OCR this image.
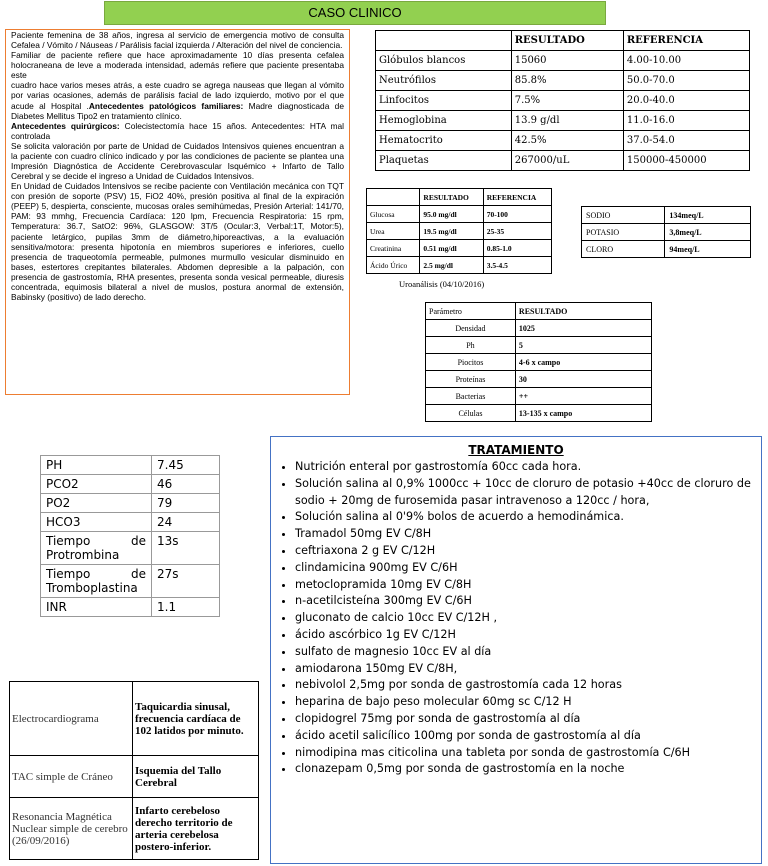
CASO CLINICO

Paciente femenina de 38 años, ingresa al servicio de emergencia motivo de consulta Cefalea / Vómito / Náuseas / Parálisis facial izquierda / Alteración del nivel de conciencia.

Familiar de paciente refiere que hace aproximadamente 10 días presenta cefalea holocraneana de leve a moderada intensidad, además refiere que paciente presentaba este

cuadro hace varios meses atrás, a este cuadro se agrega nauseas que llegan al vómito por varias ocasiones, además de parálisis facial de lado izquierdo, motivo por el que acude al Hospital .Antecedentes patológicos familiares: Madre diagnosticada de Diabetes Mellitus Tipo2 en tratamiento clínico.

Antecedentes quirúrgicos: Colecistectomía hace 15 años. Antecedentes: HTA mal controlada

Se solicita valoración por parte de Unidad de Cuidados Intensivos quienes encuentran a la paciente con cuadro clínico indicado y por las condiciones de paciente se plantea una Impresión Diagnóstica de Accidente Cerebrovascular Isquémico + Infarto de Tallo Cerebral y se decide el ingreso a Unidad de Cuidados Intensivos.

En Unidad de Cuidados Intensivos se recibe paciente con Ventilación mecánica con TQT con presión de soporte (PSV) 15, FiO2 40%, presión positiva al final de la expiración (PEEP) 5, despierta, consciente, mucosas orales semihúmedas, Presión Arterial: 141/70, PAM: 93 mmhg, Frecuencia Cardíaca: 120 lpm, Frecuencia Respiratoria: 15 rpm, Temperatura: 36.7, SatO2: 96%, GLASGOW: 3T/5 (Ocular:3, Verbal:1T, Motor:5), paciente letárgico, pupilas 3mm de diámetro,hiporeactivas, a la evaluación sensitiva/motora: presenta hipotonía en miembros superiores e inferiores, cuello presencia de traqueotomía permeable, pulmones murmullo vesicular disminuido en bases, estertores crepitantes bilaterales. Abdomen depresible a la palpación, con presencia de gastrostomía, RHA presentes, presenta sonda vesical permeable, diuresis concentrada, equimosis bilateral a nivel de muslos, postura anormal de extensión, Babinsky (positivo) de lado derecho.

	RESULTADO	REFERENCIA
Glóbulos blancos	15060	4.00-10.00
Neutrófilos	85.8%	50.0-70.0
Linfocitos	7.5%	20.0-40.0
Hemoglobina	13.9 g/dl	11.0-16.0
Hematocrito	42.5%	37.0-54.0
Plaquetas	267000/uL	150000-450000
	RESULTADO	REFERENCIA
Glucosa	95.0 mg/dl	70-100
Urea	19.5 mg/dl	25-35
Creatinina	0.51 mg/dl	0.85-1.0
Ácido Úrico	2.5 mg/dl	3.5-4.5
SODIO	134meq/L
POTASIO	3,8meq/L
CLORO	94meq/L
Uroanálisis (04/10/2016)
Parámetro	RESULTADO
Densidad	1025
Ph	5
Piocitos	4-6 x campo
Proteínas	30
Bacterias	++
Células	13-135 x campo
PH	7.45
PCO2	46
PO2	79
HCO3	24
Tiempo de Protrombina	13s
Tiempo de Tromboplastina	27s
INR	1.1
Electrocardiograma	Taquicardia sinusal, frecuencia cardíaca de 102 latidos por minuto.
TAC simple de Cráneo	Isquemia del Tallo Cerebral
Resonancia Magnética Nuclear simple de cerebro (26/09/2016)	Infarto cerebeloso derecho territorio de arteria cerebelosa postero-inferior.
TRATAMIENTO
• Nutrición enteral por gastrostomía 60cc cada hora.
• Solución salina al 0,9% 1000cc + 10cc de cloruro de potasio +40cc de cloruro de sodio + 20mg de furosemida pasar intravenoso a 120cc / hora,
• Solución salina al 0'9% bolos de acuerdo a hemodinámica.
• Tramadol 50mg EV C/8H
• ceftriaxona 2 g EV C/12H
• clindamicina 900mg EV C/6H
• metoclopramida 10mg EV C/8H
• n-acetilcisteína 300mg EV C/6H
• gluconato de calcio 10cc EV C/12H ,
• ácido ascórbico 1g EV C/12H
• sulfato de magnesio 10cc EV al día
• amiodarona 150mg EV C/8H,
• nebivolol 2,5mg por sonda de gastrostomía cada 12 horas
• heparina de bajo peso molecular 60mg sc C/12 H
• clopidogrel 75mg por sonda de gastrostomía al día
• ácido acetil salicílico 100mg por sonda de gastrostomía al día
• nimodipina mas citicolina una tableta por sonda de gastrostomía C/6H
• clonazepam 0,5mg por sonda de gastrostomía en la noche
